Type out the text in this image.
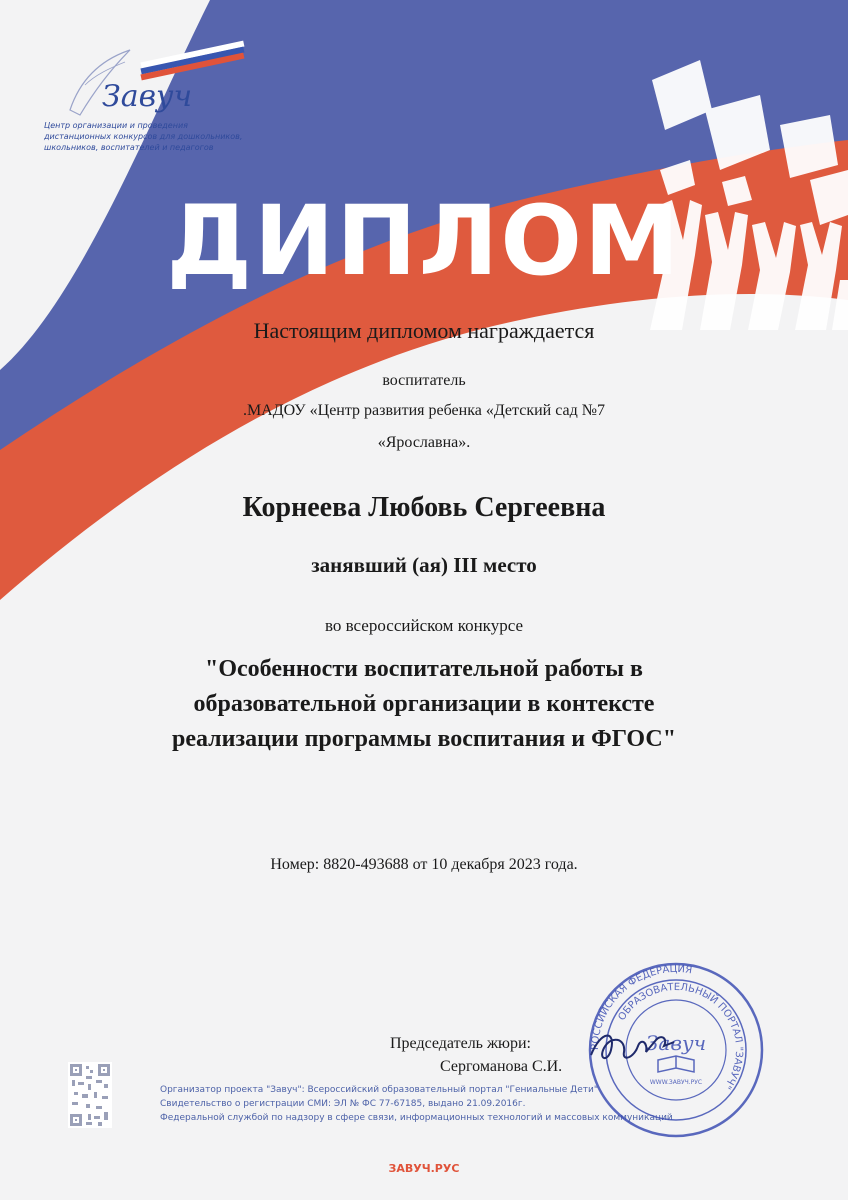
Завуч
Центр организации и проведения
дистанционных конкурсов для дошкольников,
школьников, воспитателей и педагогов
ДИПЛОМ
Настоящим дипломом награждается
воспитатель
.МАДОУ «Центр развития ребенка «Детский сад №7
«Ярославна».
Корнеева Любовь Сергеевна
занявший (ая) III место
во всероссийском конкурсе
"Особенности воспитательной работы в
образовательной организации в контексте
реализации программы воспитания и ФГОС"
Номер: 8820-493688 от 10 декабря 2023 года.
Председатель жюри:
Сергоманова С.И.
Организатор проекта "Завуч": Всероссийский образовательный портал "Гениальные Дети"
Свидетельство о регистрации СМИ: ЭЛ № ФС 77-67185, выдано 21.09.2016г.
Федеральной службой по надзору в сфере связи, информационных технологий и массовых коммуникаций
ЗАВУЧ.РУС
РОССИЙСКАЯ ФЕДЕРАЦИЯ
ОБРАЗОВАТЕЛЬНЫЙ ПОРТАЛ "ЗАВУЧ"
Завуч
WWW.ЗАВУЧ.РУС
